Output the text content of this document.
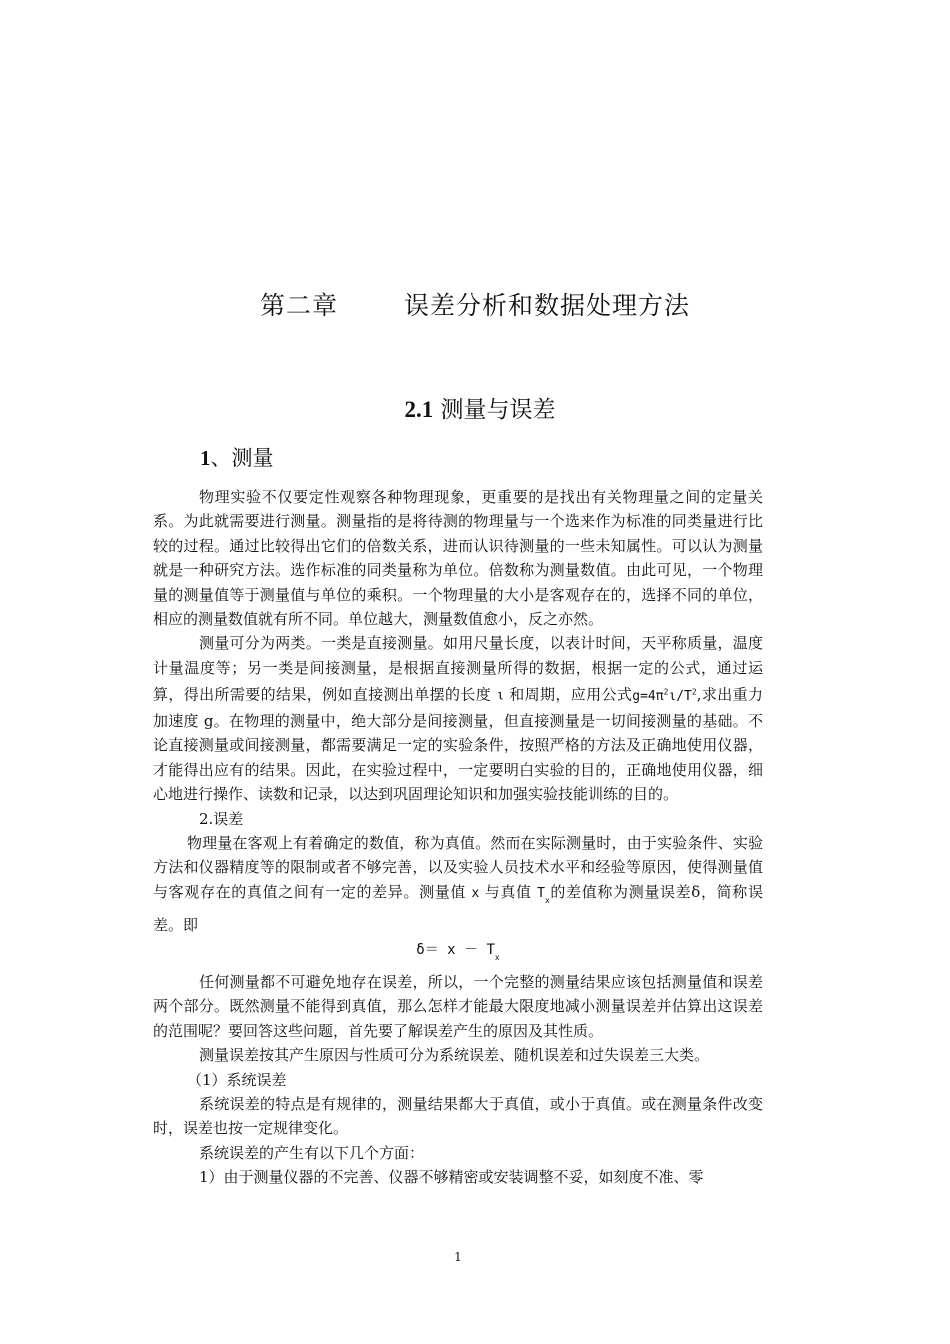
第二章	误差分析和数据处理方法
2.1 测量与误差
1、测量

物理实验不仅要定性观察各种物理现象，更重要的是找出有关物理量之间的定量关系。为此就需要进行测量。测量指的是将待测的物理量与一个选来作为标准的同类量进行比较的过程。通过比较得出它们的倍数关系，进而认识待测量的一些未知属性。可以认为测量就是一种研究方法。选作标准的同类量称为单位。倍数称为测量数值。由此可见，一个物理量的测量值等于测量值与单位的乘积。一个物理量的大小是客观存在的，选择不同的单位，相应的测量数值就有所不同。单位越大，测量数值愈小，反之亦然。

测量可分为两类。一类是直接测量。如用尺量长度，以表计时间，天平称质量，温度计量温度等；另一类是间接测量，是根据直接测量所得的数据，根据一定的公式，通过运算，得出所需要的结果，例如直接测出单摆的长度 ι 和周期，应用公式$g=4\pi^2\iota/T^2$,求出重力加速度 g。在物理的测量中，绝大部分是间接测量，但直接测量是一切间接测量的基础。不论直接测量或间接测量，都需要满足一定的实验条件，按照严格的方法及正确地使用仪器，才能得出应有的结果。因此，在实验过程中，一定要明白实验的目的，正确地使用仪器，细心地进行操作、读数和记录，以达到巩固理论知识和加强实验技能训练的目的。

2.误差

物理量在客观上有着确定的数值，称为真值。然而在实际测量时，由于实验条件、实验方法和仪器精度等的限制或者不够完善，以及实验人员技术水平和经验等原因，使得测量值与客观存在的真值之间有一定的差异。测量值 x 与真值 $T_x$的差值称为测量误差δ，简称误差。即

$\delta= x - T_x$

任何测量都不可避免地存在误差，所以，一个完整的测量结果应该包括测量值和误差两个部分。既然测量不能得到真值，那么怎样才能最大限度地减小测量误差并估算出这误差的范围呢？要回答这些问题，首先要了解误差产生的原因及其性质。

测量误差按其产生原因与性质可分为系统误差、随机误差和过失误差三大类。

（1）系统误差

系统误差的特点是有规律的，测量结果都大于真值，或小于真值。或在测量条件改变时，误差也按一定规律变化。

系统误差的产生有以下几个方面：

1）由于测量仪器的不完善、仪器不够精密或安装调整不妥，如刻度不准、零

1
